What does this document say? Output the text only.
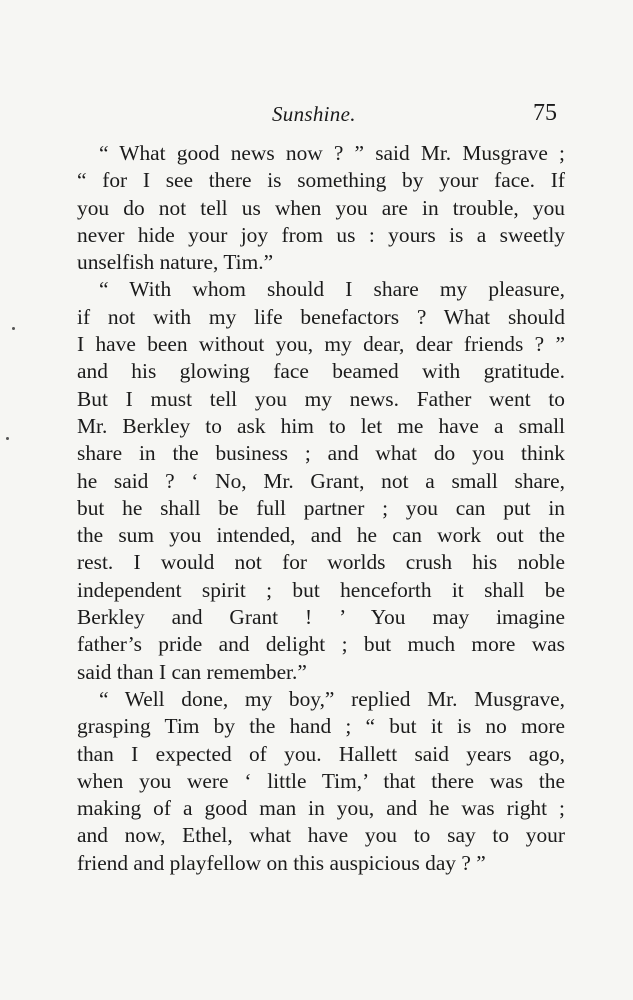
Sunshine.	75
“ What good news now ? ” said Mr. Musgrave ;
“ for I see there is something by your face. If
you do not tell us when you are in trouble, you
never hide your joy from us : yours is a sweetly
unselfish nature, Tim.”
“ With whom should I share my pleasure,
if not with my life benefactors ? What should
I have been without you, my dear, dear friends ? ”
and his glowing face beamed with gratitude.
But I must tell you my news. Father went to
Mr. Berkley to ask him to let me have a small
share in the business ; and what do you think
he said ? ‘ No, Mr. Grant, not a small share,
but he shall be full partner ; you can put in
the sum you intended, and he can work out the
rest. I would not for worlds crush his noble
independent spirit ; but henceforth it shall be
Berkley and Grant ! ’ You may imagine
father’s pride and delight ; but much more was
said than I can remember.”
“ Well done, my boy,” replied Mr. Musgrave,
grasping Tim by the hand ; “ but it is no more
than I expected of you. Hallett said years ago,
when you were ‘ little Tim,’ that there was the
making of a good man in you, and he was right ;
and now, Ethel, what have you to say to your
friend and playfellow on this auspicious day ? ”
